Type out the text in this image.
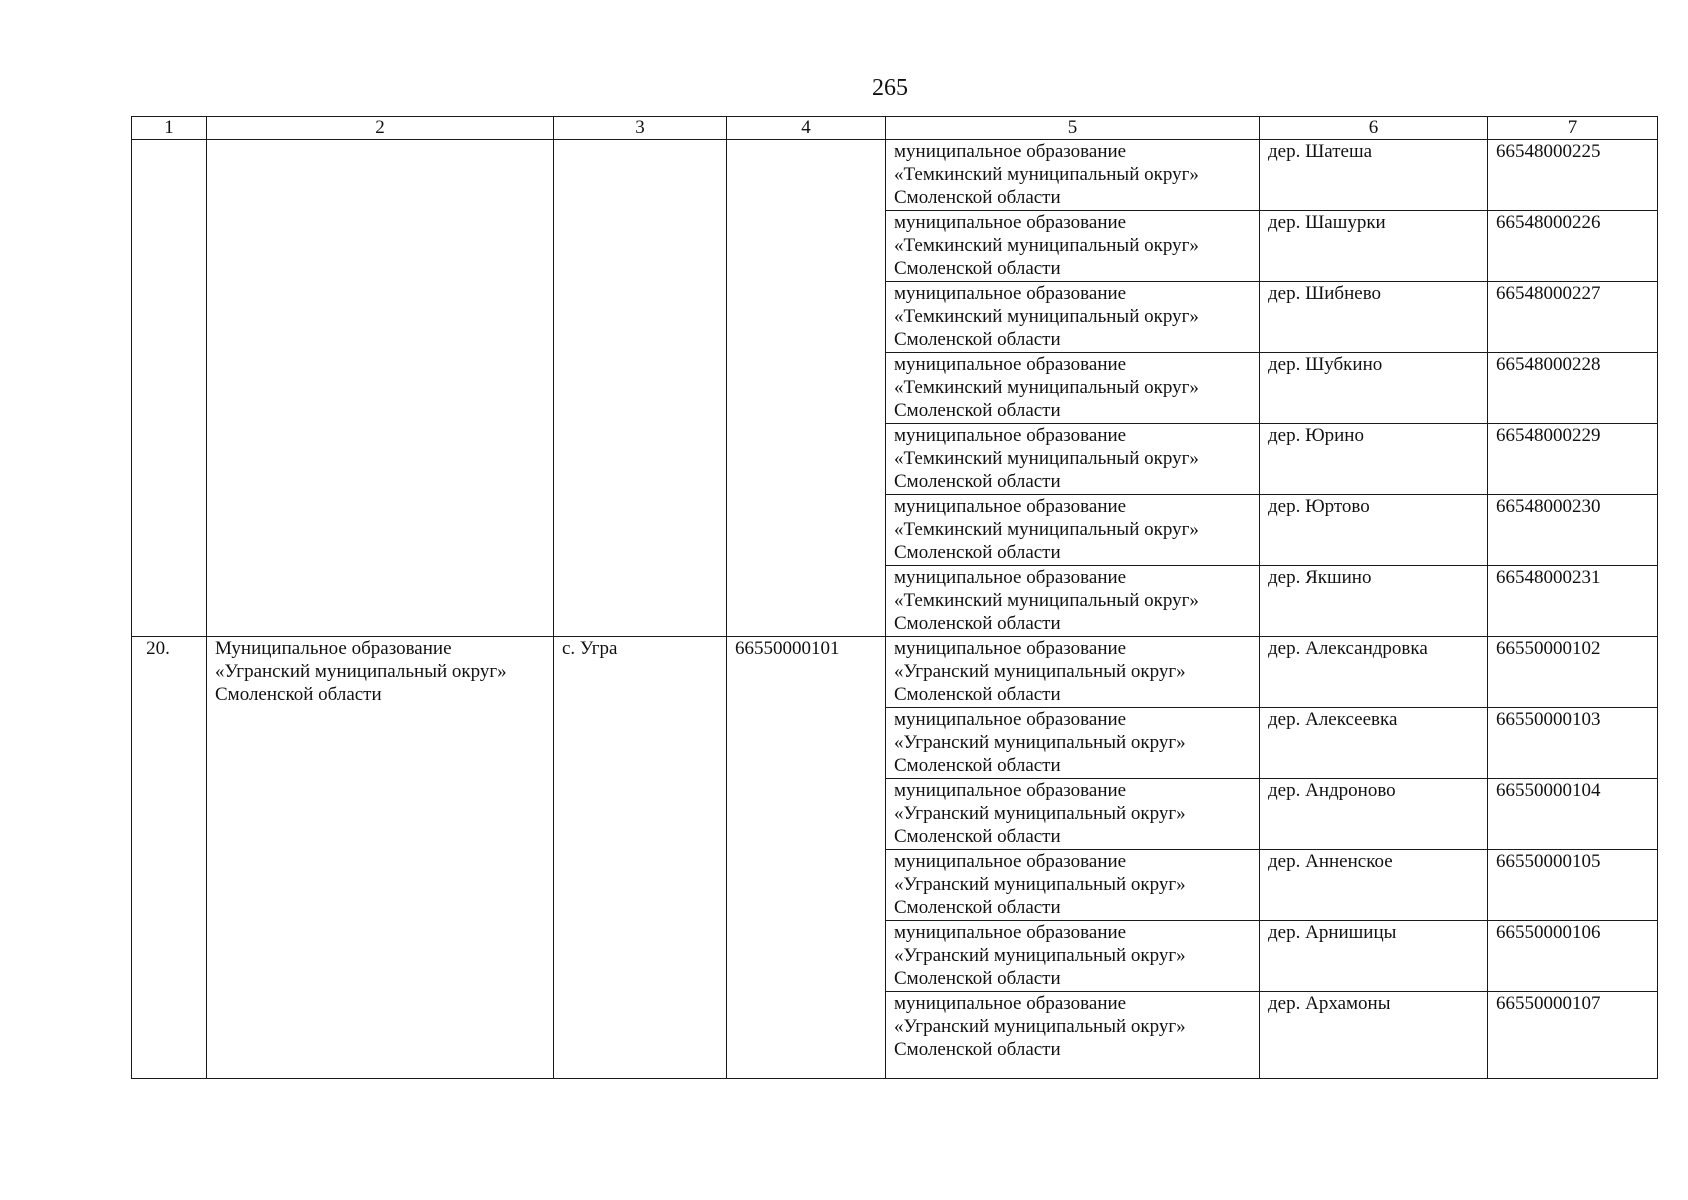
265
1	2	3	4	5	6	7
				муниципальное образование
«Темкинский муниципальный округ»
Смоленской области	дер. Шатеша	66548000225
				муниципальное образование
«Темкинский муниципальный округ»
Смоленской области	дер. Шашурки	66548000226
				муниципальное образование
«Темкинский муниципальный округ»
Смоленской области	дер. Шибнево	66548000227
				муниципальное образование
«Темкинский муниципальный округ»
Смоленской области	дер. Шубкино	66548000228
				муниципальное образование
«Темкинский муниципальный округ»
Смоленской области	дер. Юрино	66548000229
				муниципальное образование
«Темкинский муниципальный округ»
Смоленской области	дер. Юртово	66548000230
				муниципальное образование
«Темкинский муниципальный округ»
Смоленской области	дер. Якшино	66548000231
20.	Муниципальное образование
«Угранский муниципальный округ»
Смоленской области	с. Угра	66550000101	муниципальное образование
«Угранский муниципальный округ»
Смоленской области	дер. Александровка	66550000102
				муниципальное образование
«Угранский муниципальный округ»
Смоленской области	дер. Алексеевка	66550000103
				муниципальное образование
«Угранский муниципальный округ»
Смоленской области	дер. Андроново	66550000104
				муниципальное образование
«Угранский муниципальный округ»
Смоленской области	дер. Анненское	66550000105
				муниципальное образование
«Угранский муниципальный округ»
Смоленской области	дер. Арнишицы	66550000106
				муниципальное образование
«Угранский муниципальный округ»
Смоленской области	дер. Архамоны	66550000107
